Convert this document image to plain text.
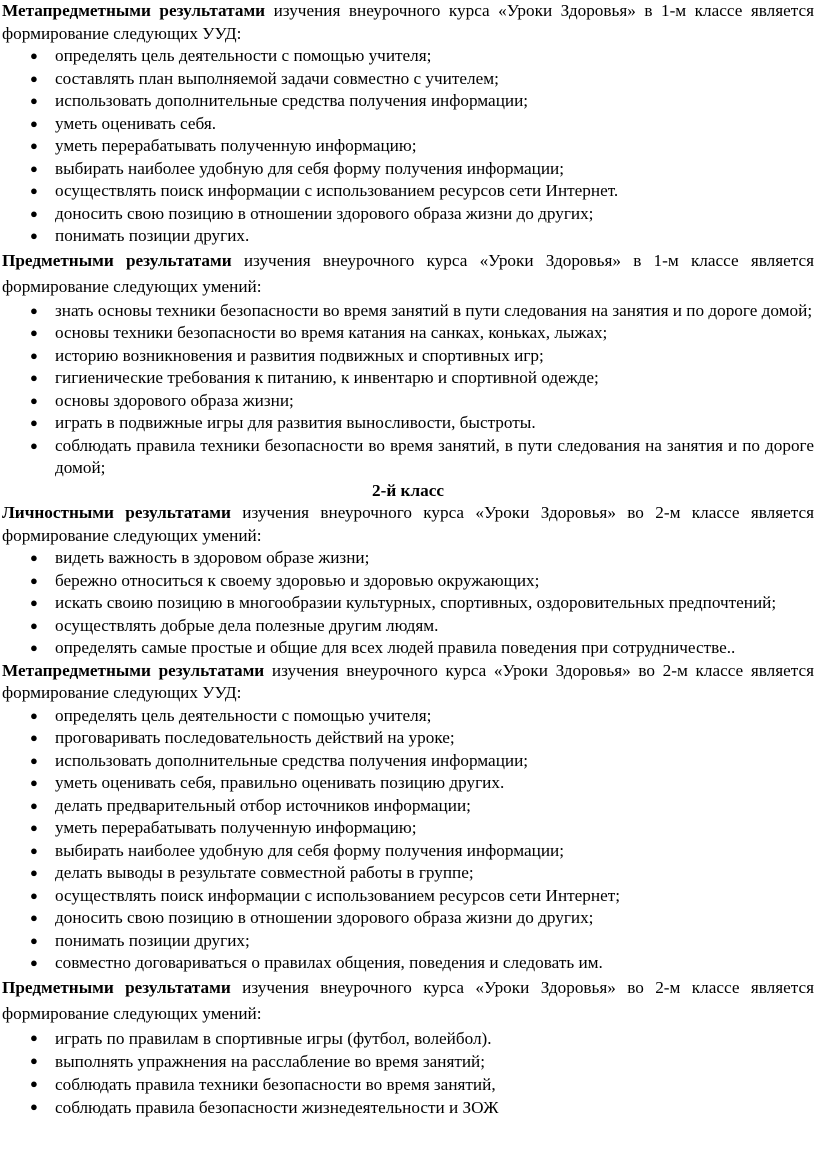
Метапредметными результатами изучения внеурочного курса «Уроки Здоровья» в 1-м классе является формирование следующих УУД:

● определять цель деятельности с помощью учителя;
● составлять план выполняемой задачи совместно с учителем;
● использовать дополнительные средства получения информации;
● уметь оценивать себя.
● уметь перерабатывать полученную информацию;
● выбирать наиболее удобную для себя форму получения информации;
● осуществлять поиск информации с использованием ресурсов сети Интернет.
● доносить свою позицию в отношении здорового образа жизни до других;
● понимать позиции других.

Предметными результатами изучения внеурочного курса «Уроки Здоровья» в 1-м классе является формирование следующих умений:

● знать основы техники безопасности во время занятий в пути следования на занятия и по дороге домой;
● основы техники безопасности во время катания на санках, коньках, лыжах;
● историю возникновения и развития подвижных и спортивных игр;
● гигиенические требования к питанию, к инвентарю и спортивной одежде;
● основы здорового образа жизни;
● играть в подвижные игры для развития выносливости, быстроты.
● соблюдать правила техники безопасности во время занятий, в пути следования на занятия и по дороге домой;

2-й класс

Личностными результатами изучения внеурочного курса «Уроки Здоровья» во 2-м классе является формирование следующих умений:

● видеть важность в здоровом образе жизни;
● бережно относиться к своему здоровью и здоровью окружающих;
● искать своию позицию в многообразии культурных, спортивных, оздоровительных предпочтений;
● осуществлять добрые дела полезные другим людям.
● определять самые простые и общие для всех людей правила поведения при сотрудничестве..

Метапредметными результатами изучения внеурочного курса «Уроки Здоровья» во 2-м классе является формирование следующих УУД:

● определять цель деятельности с помощью учителя;
● проговаривать последовательность действий на уроке;
● использовать дополнительные средства получения информации;
● уметь оценивать себя, правильно оценивать позицию других.
● делать предварительный отбор источников информации;
● уметь перерабатывать полученную информацию;
● выбирать наиболее удобную для себя форму получения информации;
● делать выводы в результате совместной работы в группе;
● осуществлять поиск информации с использованием ресурсов сети Интернет;
● доносить свою позицию в отношении здорового образа жизни до других;
● понимать позиции других;
● совместно договариваться о правилах общения, поведения и следовать им.

Предметными результатами изучения внеурочного курса «Уроки Здоровья» во 2-м классе является формирование следующих умений:

● играть по правилам в спортивные игры (футбол, волейбол).
● выполнять упражнения на расслабление во время занятий;
● соблюдать правила техники безопасности во время занятий,
● соблюдать правила безопасности жизнедеятельности и ЗОЖ
